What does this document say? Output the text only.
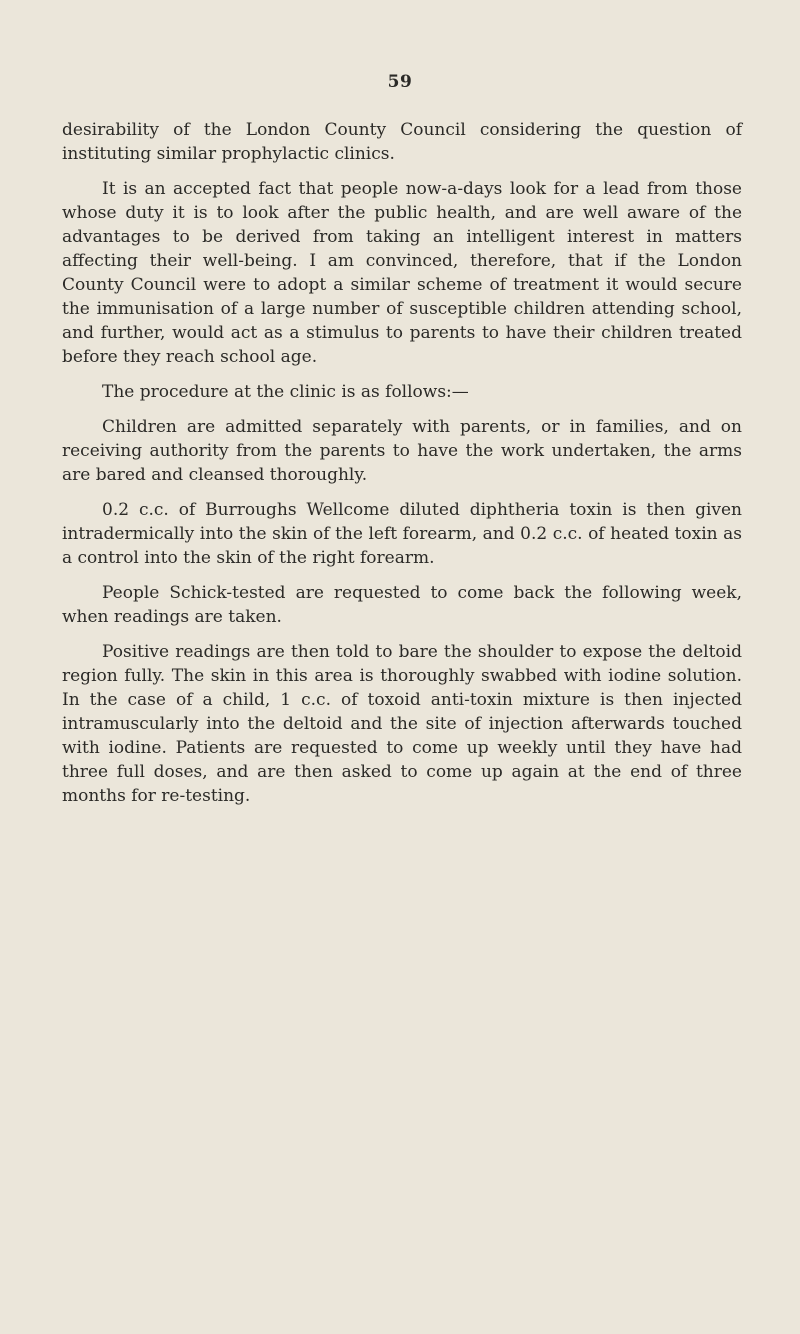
59

desirability of the London County Council considering the question of instituting similar prophylactic clinics.

It is an accepted fact that people now-a-days look for a lead from those whose duty it is to look after the public health, and are well aware of the advantages to be derived from taking an intelligent interest in matters affecting their well-being. I am convinced, therefore, that if the London County Council were to adopt a similar scheme of treatment it would secure the immunisation of a large number of susceptible children attending school, and further, would act as a stimulus to parents to have their children treated before they reach school age.

The procedure at the clinic is as follows:—

Children are admitted separately with parents, or in families, and on receiving authority from the parents to have the work undertaken, the arms are bared and cleansed thoroughly.

0.2 c.c. of Burroughs Wellcome diluted diphtheria toxin is then given intradermically into the skin of the left forearm, and 0.2 c.c. of heated toxin as a control into the skin of the right forearm.

People Schick-tested are requested to come back the following week, when readings are taken.

Positive readings are then told to bare the shoulder to expose the deltoid region fully. The skin in this area is thoroughly swabbed with iodine solution. In the case of a child, 1 c.c. of toxoid anti-toxin mixture is then injected intramuscularly into the deltoid and the site of injection afterwards touched with iodine. Patients are requested to come up weekly until they have had three full doses, and are then asked to come up again at the end of three months for re-testing.
